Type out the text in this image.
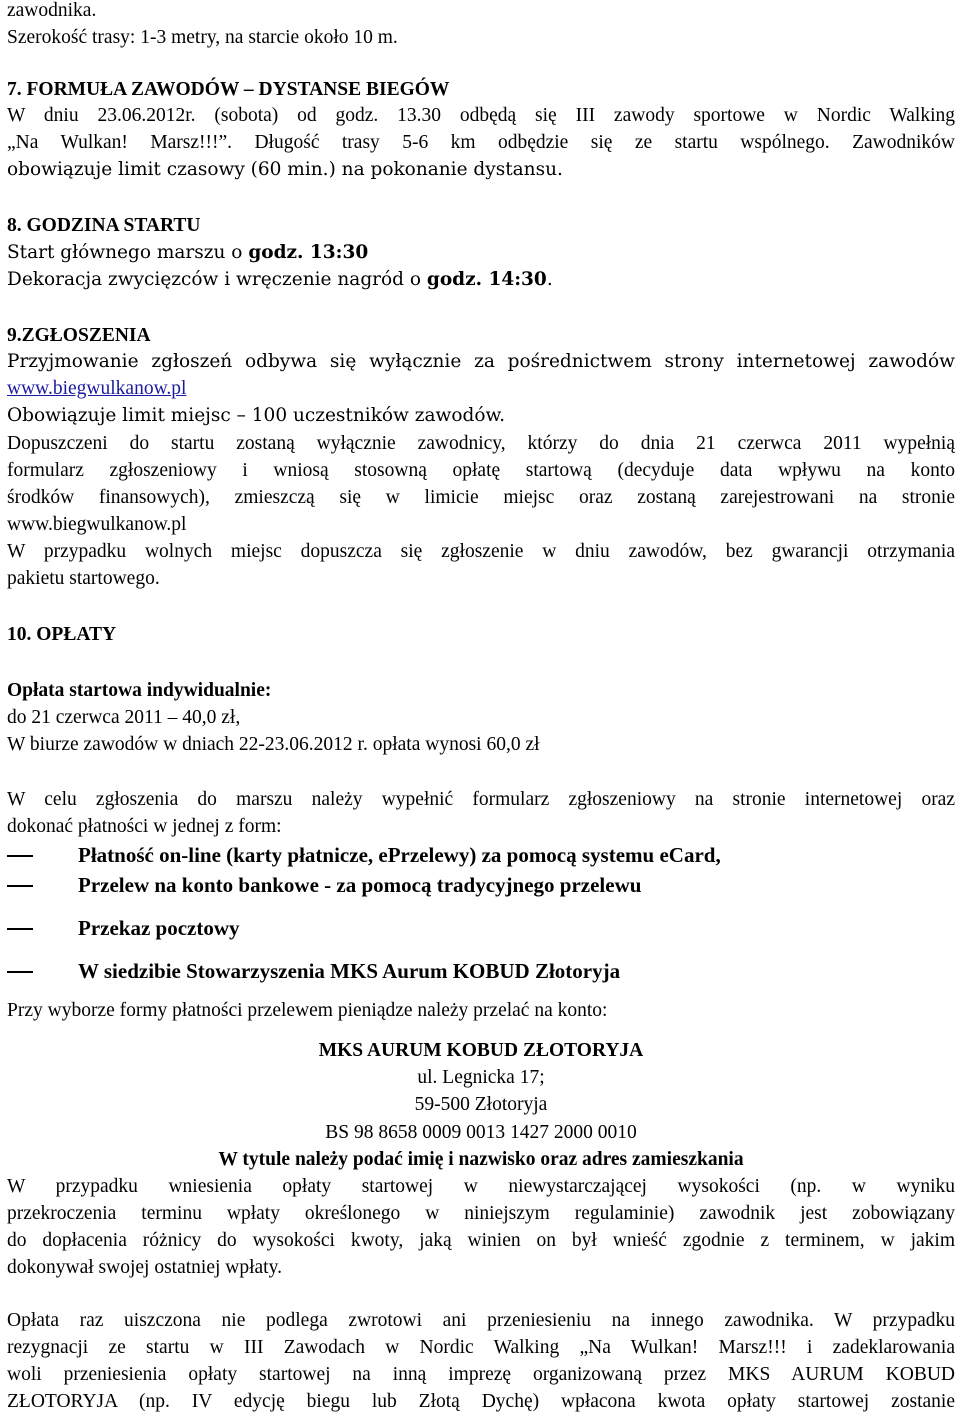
zawodnika.
Szerokość trasy: 1-3 metry, na starcie około 10 m.
7. FORMUŁA ZAWODÓW – DYSTANSE BIEGÓW
W dniu 23.06.2012r. (sobota) od godz. 13.30 odbędą się III zawody sportowe w Nordic Walking
„Na Wulkan! Marsz!!!”. Długość trasy 5-6 km odbędzie się ze startu wspólnego. Zawodników
obowiązuje limit czasowy (60 min.) na pokonanie dystansu.
8. GODZINA STARTU
Start głównego marszu o godz. 13:30
Dekoracja zwycięzców i wręczenie nagród o godz. 14:30.
9.ZGŁOSZENIA
Przyjmowanie zgłoszeń odbywa się wyłącznie za pośrednictwem strony internetowej zawodów
www.biegwulkanow.pl
Obowiązuje limit miejsc – 100 uczestników zawodów.
Dopuszczeni do startu zostaną wyłącznie zawodnicy, którzy do dnia 21 czerwca 2011 wypełnią
formularz zgłoszeniowy i wniosą stosowną opłatę startową (decyduje data wpływu na konto
środków finansowych), zmieszczą się w limicie miejsc oraz zostaną zarejestrowani na stronie
www.biegwulkanow.pl
W przypadku wolnych miejsc dopuszcza się zgłoszenie w dniu zawodów, bez gwarancji otrzymania
pakietu startowego.
10. OPŁATY
Opłata startowa indywidualnie:
do 21 czerwca 2011 – 40,0 zł,
W biurze zawodów w dniach 22-23.06.2012 r. opłata wynosi 60,0 zł
W celu zgłoszenia do marszu należy wypełnić formularz zgłoszeniowy na stronie internetowej oraz
dokonać płatności w jednej z form:
Płatność on-line (karty płatnicze, ePrzelewy) za pomocą systemu eCard,
Przelew na konto bankowe - za pomocą tradycyjnego przelewu
Przekaz pocztowy
W siedzibie Stowarzyszenia MKS Aurum KOBUD Złotoryja
Przy wyborze formy płatności przelewem pieniądze należy przelać na konto:
MKS AURUM KOBUD ZŁOTORYJA
ul. Legnicka 17;
59-500 Złotoryja
BS 98 8658 0009 0013 1427 2000 0010
W tytule należy podać imię i nazwisko oraz adres zamieszkania
W przypadku wniesienia opłaty startowej w niewystarczającej wysokości (np. w wyniku
przekroczenia terminu wpłaty określonego w niniejszym regulaminie) zawodnik jest zobowiązany
do dopłacenia różnicy do wysokości kwoty, jaką winien on był wnieść zgodnie z terminem, w jakim
dokonywał swojej ostatniej wpłaty.
Opłata raz uiszczona nie podlega zwrotowi ani przeniesieniu na innego zawodnika. W przypadku
rezygnacji ze startu w III Zawodach w Nordic Walking „Na Wulkan! Marsz!!! i zadeklarowania
woli przeniesienia opłaty startowej na inną imprezę organizowaną przez MKS AURUM KOBUD
ZŁOTORYJA (np. IV edycję biegu lub Złotą Dychę) wpłacona kwota opłaty startowej zostanie
